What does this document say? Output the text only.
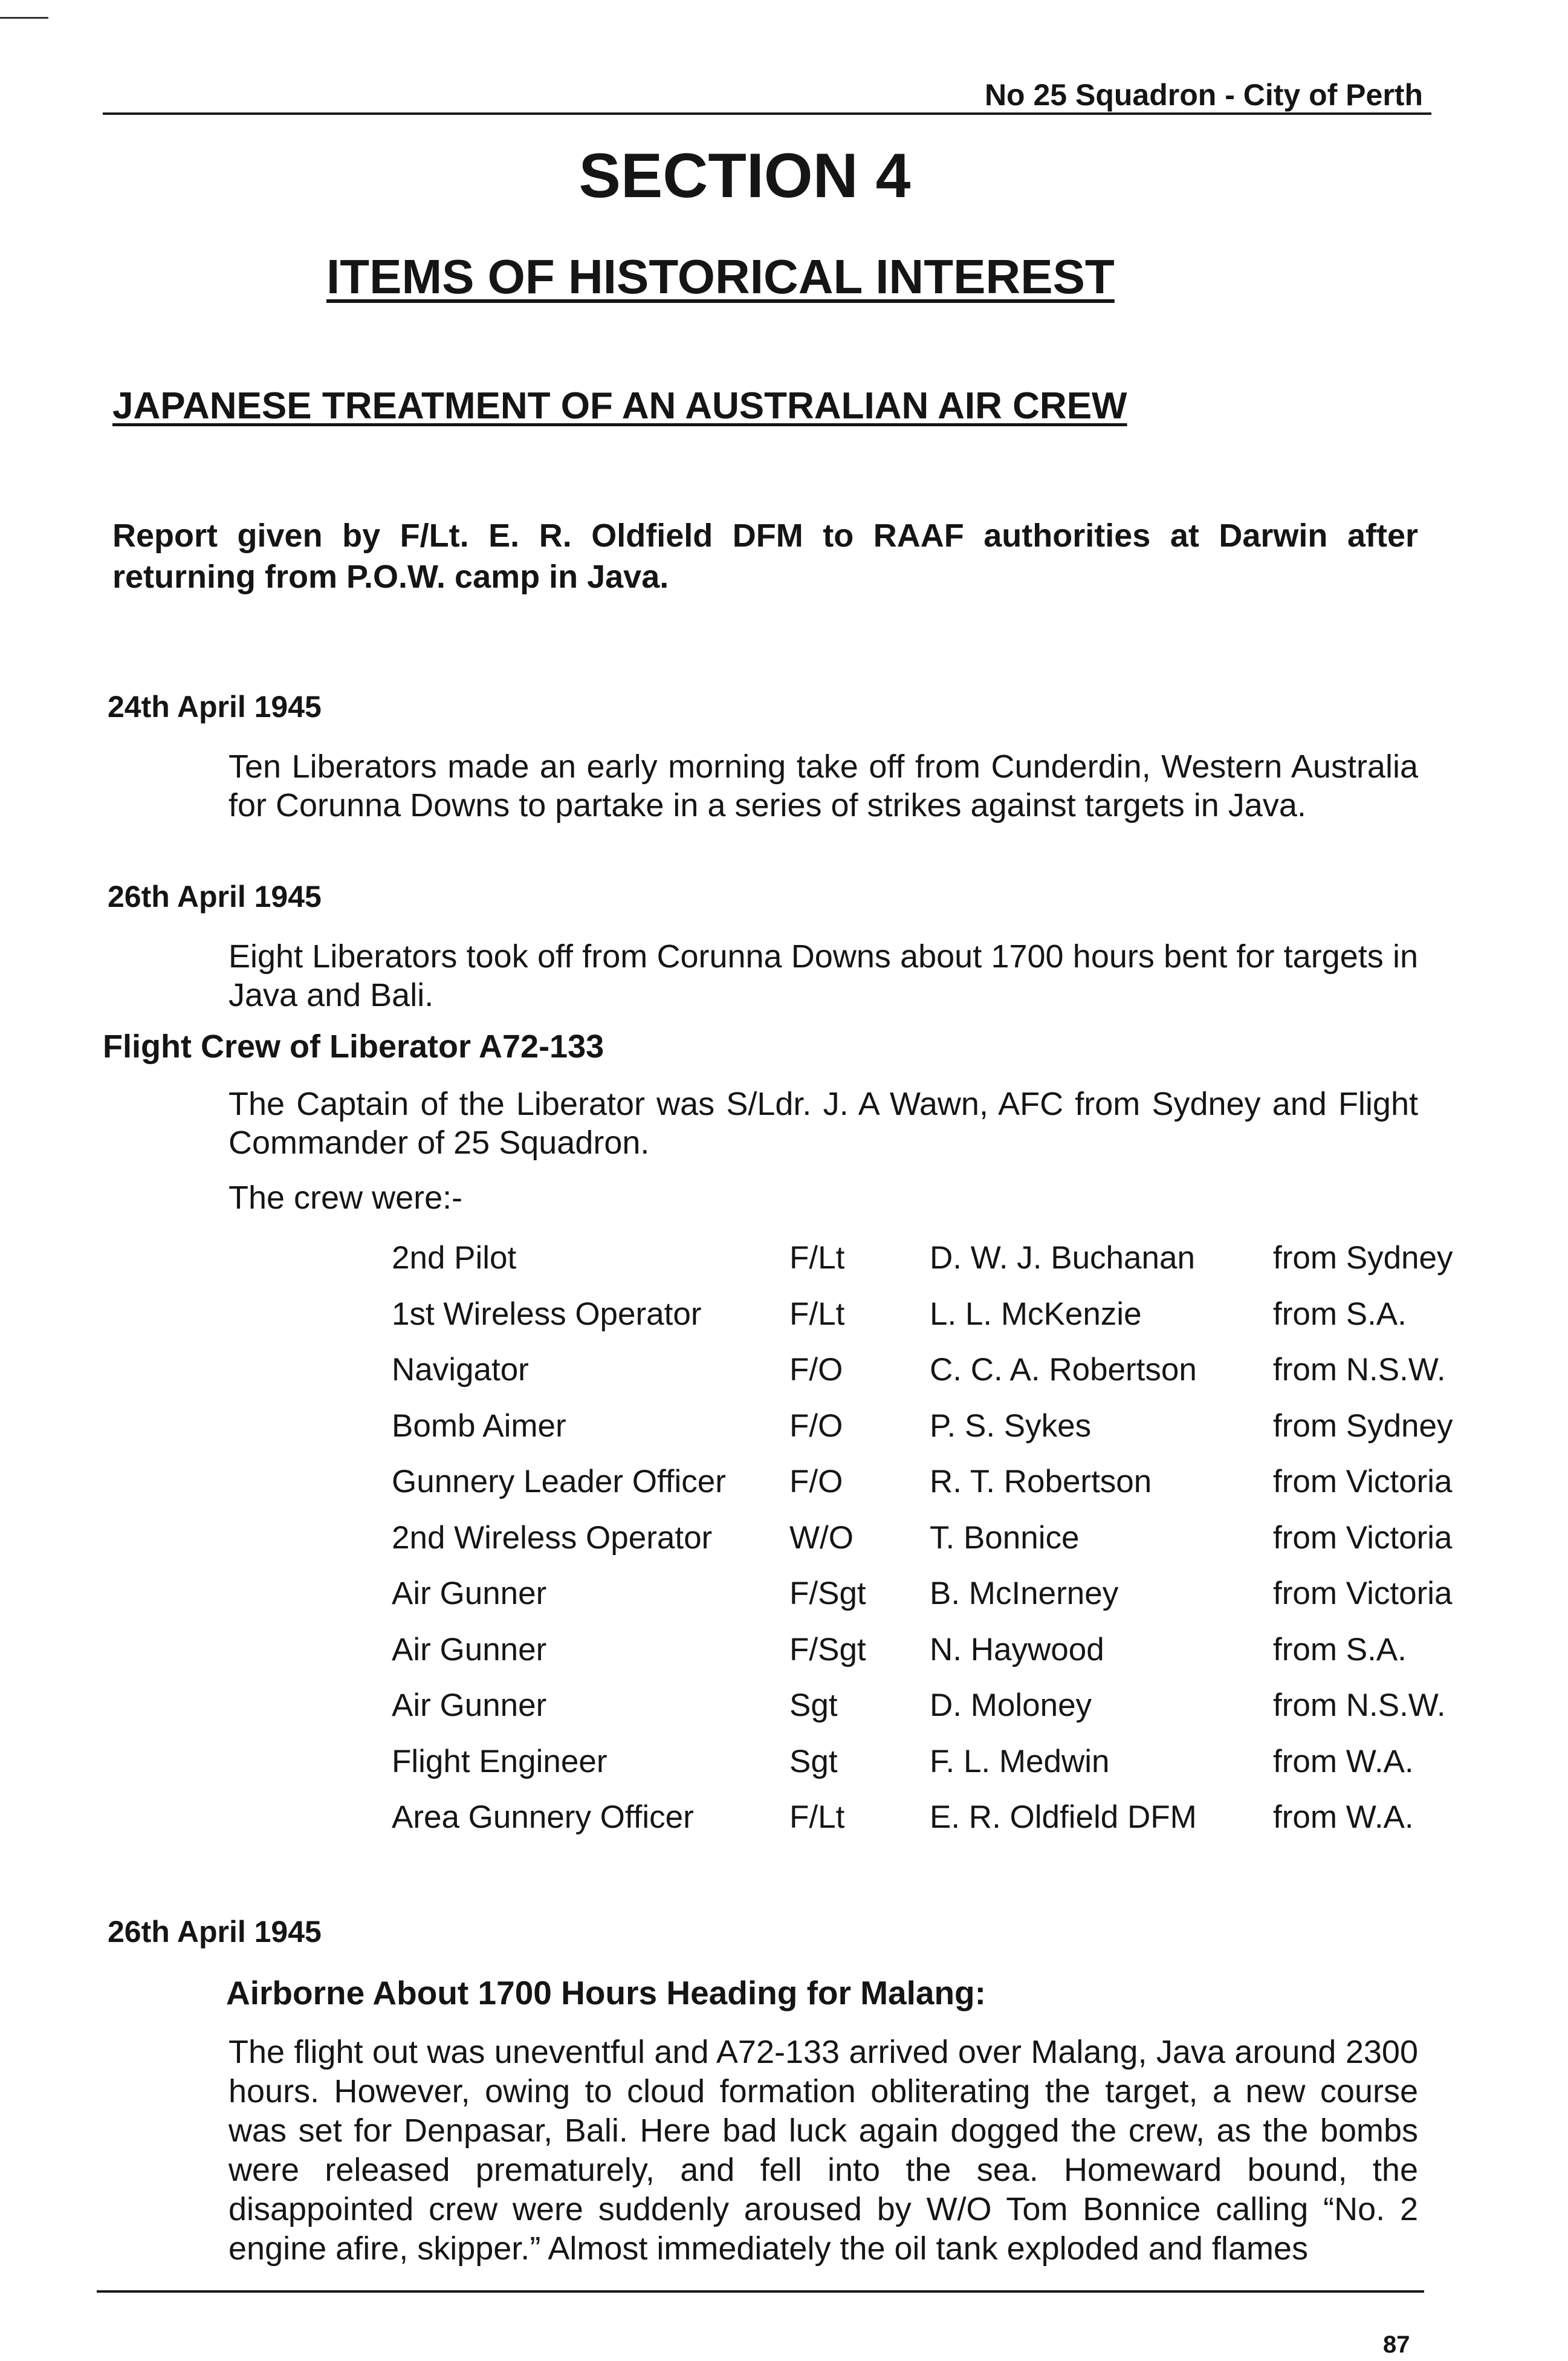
No 25 Squadron - City of Perth
SECTION 4
ITEMS OF HISTORICAL INTEREST
JAPANESE TREATMENT OF AN AUSTRALIAN AIR CREW
Report given by F/Lt. E. R. Oldfield DFM to RAAF authorities at Darwin after returning from P.O.W. camp in Java.
24th April 1945
Ten Liberators made an early morning take off from Cunderdin, Western Australia for Corunna Downs to partake in a series of strikes against targets in Java.
26th April 1945
Eight Liberators took off from Corunna Downs about 1700 hours bent for targets in Java and Bali.
Flight Crew of Liberator A72-133
The Captain of the Liberator was S/Ldr. J. A Wawn, AFC from Sydney and Flight Commander of 25 Squadron.
The crew were:-
2nd Pilot	F/Lt	D. W. J. Buchanan	from Sydney
1st Wireless Operator	F/Lt	L. L. McKenzie	from S.A.
Navigator	F/O	C. C. A. Robertson	from N.S.W.
Bomb Aimer	F/O	P. S. Sykes	from Sydney
Gunnery Leader Officer	F/O	R. T. Robertson	from Victoria
2nd Wireless Operator	W/O	T. Bonnice	from Victoria
Air Gunner	F/Sgt	B. McInerney	from Victoria
Air Gunner	F/Sgt	N. Haywood	from S.A.
Air Gunner	Sgt	D. Moloney	from N.S.W.
Flight Engineer	Sgt	F. L. Medwin	from W.A.
Area Gunnery Officer	F/Lt	E. R. Oldfield DFM	from W.A.
26th April 1945
Airborne About 1700 Hours Heading for Malang:
The flight out was uneventful and A72-133 arrived over Malang, Java around 2300 hours. However, owing to cloud formation obliterating the target, a new course was set for Denpasar, Bali. Here bad luck again dogged the crew, as the bombs were released prematurely, and fell into the sea. Homeward bound, the disappointed crew were suddenly aroused by W/O Tom Bonnice calling “No. 2 engine afire, skipper.” Almost immediately the oil tank exploded and flames
87
